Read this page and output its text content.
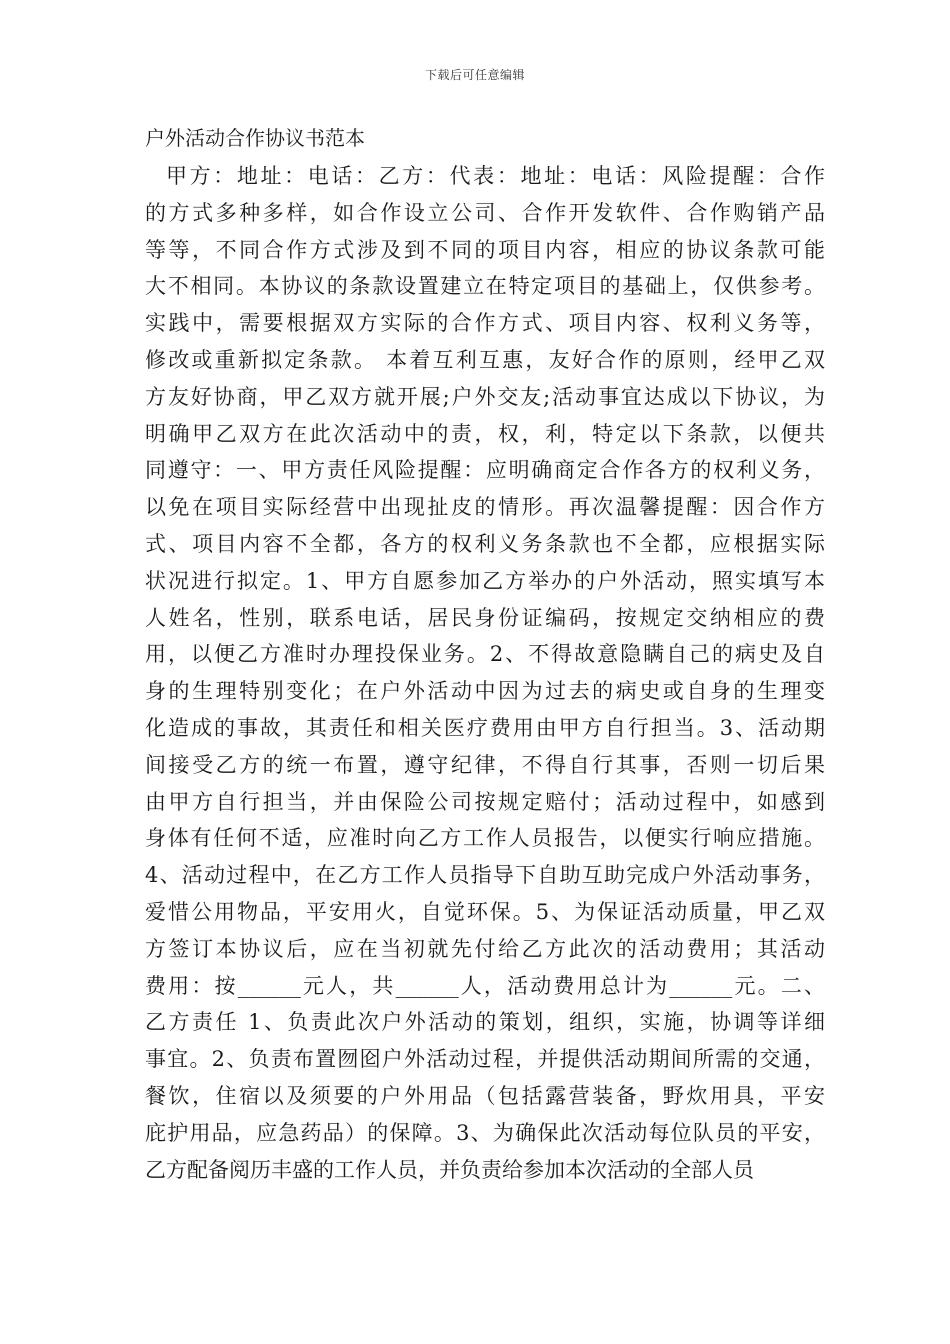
下载后可任意编辑
户外活动合作协议书范本
甲方：地址：电话：乙方：代表：地址：电话：风险提醒：合作
的方式多种多样，如合作设立公司、合作开发软件、合作购销产品
等等，不同合作方式涉及到不同的项目内容，相应的协议条款可能
大不相同。本协议的条款设置建立在特定项目的基础上，仅供参考。
实践中，需要根据双方实际的合作方式、项目内容、权利义务等，
修改或重新拟定条款。 本着互利互惠，友好合作的原则，经甲乙双
方友好协商，甲乙双方就开展;户外交友;活动事宜达成以下协议，为
明确甲乙双方在此次活动中的责，权，利，特定以下条款，以便共
同遵守：一、甲方责任风险提醒：应明确商定合作各方的权利义务，
以免在项目实际经营中出现扯皮的情形。再次温馨提醒：因合作方
式、项目内容不全都，各方的权利义务条款也不全都，应根据实际
状况进行拟定。1、甲方自愿参加乙方举办的户外活动，照实填写本
人姓名，性别，联系电话，居民身份证编码，按规定交纳相应的费
用，以便乙方准时办理投保业务。2、不得故意隐瞒自己的病史及自
身的生理特别变化；在户外活动中因为过去的病史或自身的生理变
化造成的事故，其责任和相关医疗费用由甲方自行担当。3、活动期
间接受乙方的统一布置，遵守纪律，不得自行其事，否则一切后果
由甲方自行担当，并由保险公司按规定赔付；活动过程中，如感到
身体有任何不适，应准时向乙方工作人员报告，以便实行响应措施。
4、活动过程中，在乙方工作人员指导下自助互助完成户外活动事务，
爱惜公用物品，平安用火，自觉环保。5、为保证活动质量，甲乙双
方签订本协议后，应在当初就先付给乙方此次的活动费用；其活动
费用：按______元人，共______人，活动费用总计为______元。二、
乙方责任 1、负责此次户外活动的策划，组织，实施，协调等详细
事宜。2、负责布置囫囵户外活动过程，并提供活动期间所需的交通，
餐饮，住宿以及须要的户外用品（包括露营装备，野炊用具，平安
庇护用品，应急药品）的保障。3、为确保此次活动每位队员的平安，
乙方配备阅历丰盛的工作人员，并负责给参加本次活动的全部人员
